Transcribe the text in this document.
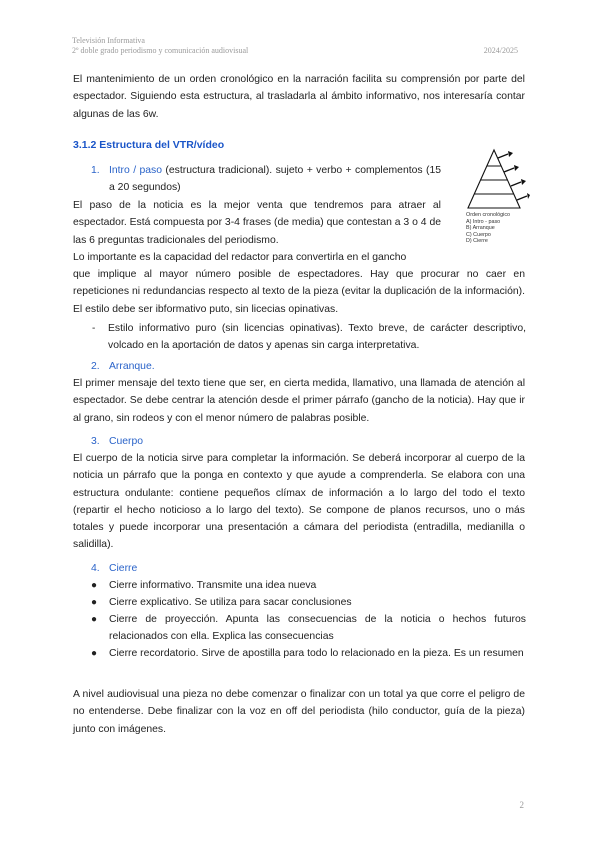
Televisión Informativa
2º doble grado periodismo y comunicación audiovisual	2024/2025

El mantenimiento de un orden cronológico en la narración facilita su comprensión por parte del espectador. Siguiendo esta estructura, al trasladarla al ámbito informativo, nos interesaría contar algunas de las 6w.

3.1.2 Estructura del VTR/vídeo

Orden cronológico
A) Intro - paso
B) Arranque
C) Cuerpo
D) Cierre
1. Intro / paso (estructura tradicional). sujeto + verbo + complementos (15 a 20 segundos)

El paso de la noticia es la mejor venta que tendremos para atraer al espectador. Está compuesta por 3-4 frases (de media) que contestan a 3 o 4 de las 6 preguntas tradicionales del periodismo.

Lo importante es la capacidad del redactor para convertirla en el gancho

que implique al mayor número posible de espectadores. Hay que procurar no caer en repeticiones ni redundancias respecto al texto de la pieza (evitar la duplicación de la información). El estilo debe ser ibformativo puto, sin licecias opinativas.

- Estilo informativo puro (sin licencias opinativas). Texto breve, de carácter descriptivo, volcado en la aportación de datos y apenas sin carga interpretativa.

2. Arranque.

El primer mensaje del texto tiene que ser, en cierta medida, llamativo, una llamada de atención al espectador. Se debe centrar la atención desde el primer párrafo (gancho de la noticia). Hay que ir al grano, sin rodeos y con el menor número de palabras posible.

3. Cuerpo

El cuerpo de la noticia sirve para completar la información. Se deberá incorporar al cuerpo de la noticia un párrafo que la ponga en contexto y que ayude a comprenderla. Se elabora con una estructura ondulante: contiene pequeños clímax de información a lo largo del todo el texto (repartir el hecho noticioso a lo largo del texto). Se compone de planos recursos, uno o más totales y puede incorporar una presentación a cámara del periodista (entradilla, medianilla o salidilla).

4. Cierre
● Cierre informativo. Transmite una idea nueva

● Cierre explicativo. Se utiliza para sacar conclusiones

● Cierre de proyección. Apunta las consecuencias de la noticia o hechos futuros relacionados con ella. Explica las consecuencias

● Cierre recordatorio. Sirve de apostilla para todo lo relacionado en la pieza. Es un resumen

A nivel audiovisual una pieza no debe comenzar o finalizar con un total ya que corre el peligro de no entenderse. Debe finalizar con la voz en off del periodista (hilo conductor, guía de la pieza) junto con imágenes.

2
